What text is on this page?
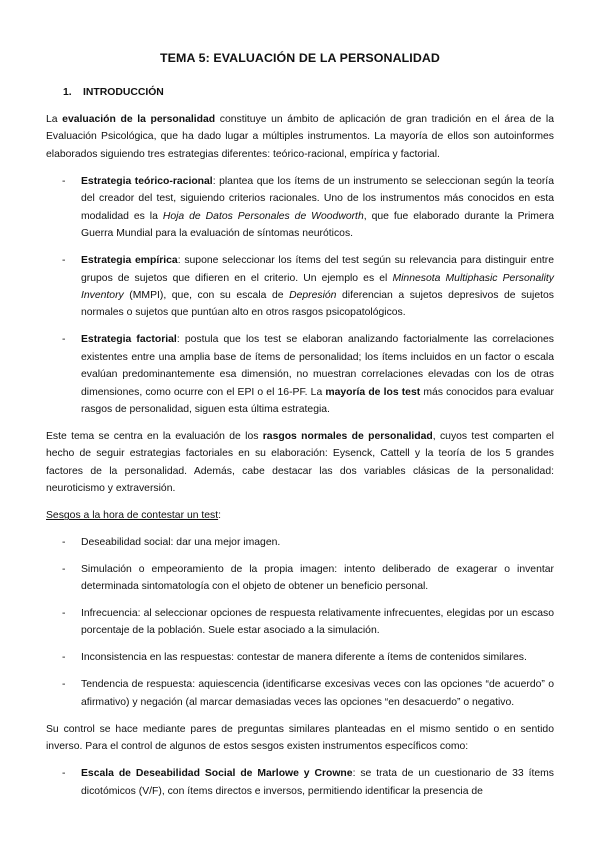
TEMA 5: EVALUACIÓN DE LA PERSONALIDAD
1. INTRODUCCIÓN

La evaluación de la personalidad constituye un ámbito de aplicación de gran tradición en el área de la Evaluación Psicológica, que ha dado lugar a múltiples instrumentos. La mayoría de ellos son autoinformes elaborados siguiendo tres estrategias diferentes: teórico-racional, empírica y factorial.

- Estrategia teórico-racional: plantea que los ítems de un instrumento se seleccionan según la teoría del creador del test, siguiendo criterios racionales. Uno de los instrumentos más conocidos en esta modalidad es la Hoja de Datos Personales de Woodworth, que fue elaborado durante la Primera Guerra Mundial para la evaluación de síntomas neuróticos.
- Estrategia empírica: supone seleccionar los ítems del test según su relevancia para distinguir entre grupos de sujetos que difieren en el criterio. Un ejemplo es el Minnesota Multiphasic Personality Inventory (MMPI), que, con su escala de Depresión diferencian a sujetos depresivos de sujetos normales o sujetos que puntúan alto en otros rasgos psicopatológicos.
- Estrategia factorial: postula que los test se elaboran analizando factorialmente las correlaciones existentes entre una amplia base de ítems de personalidad; los ítems incluidos en un factor o escala evalúan predominantemente esa dimensión, no muestran correlaciones elevadas con los de otras dimensiones, como ocurre con el EPI o el 16-PF. La mayoría de los test más conocidos para evaluar rasgos de personalidad, siguen esta última estrategia.

Este tema se centra en la evaluación de los rasgos normales de personalidad, cuyos test comparten el hecho de seguir estrategias factoriales en su elaboración: Eysenck, Cattell y la teoría de los 5 grandes factores de la personalidad. Además, cabe destacar las dos variables clásicas de la personalidad: neuroticismo y extraversión.

Sesgos a la hora de contestar un test:

- Deseabilidad social: dar una mejor imagen.
- Simulación o empeoramiento de la propia imagen: intento deliberado de exagerar o inventar determinada sintomatología con el objeto de obtener un beneficio personal.
- Infrecuencia: al seleccionar opciones de respuesta relativamente infrecuentes, elegidas por un escaso porcentaje de la población. Suele estar asociado a la simulación.
- Inconsistencia en las respuestas: contestar de manera diferente a ítems de contenidos similares.
- Tendencia de respuesta: aquiescencia (identificarse excesivas veces con las opciones “de acuerdo” o afirmativo) y negación (al marcar demasiadas veces las opciones “en desacuerdo” o negativo.

Su control se hace mediante pares de preguntas similares planteadas en el mismo sentido o en sentido inverso. Para el control de algunos de estos sesgos existen instrumentos específicos como:

- Escala de Deseabilidad Social de Marlowe y Crowne: se trata de un cuestionario de 33 ítems dicotómicos (V/F), con ítems directos e inversos, permitiendo identificar la presencia de
